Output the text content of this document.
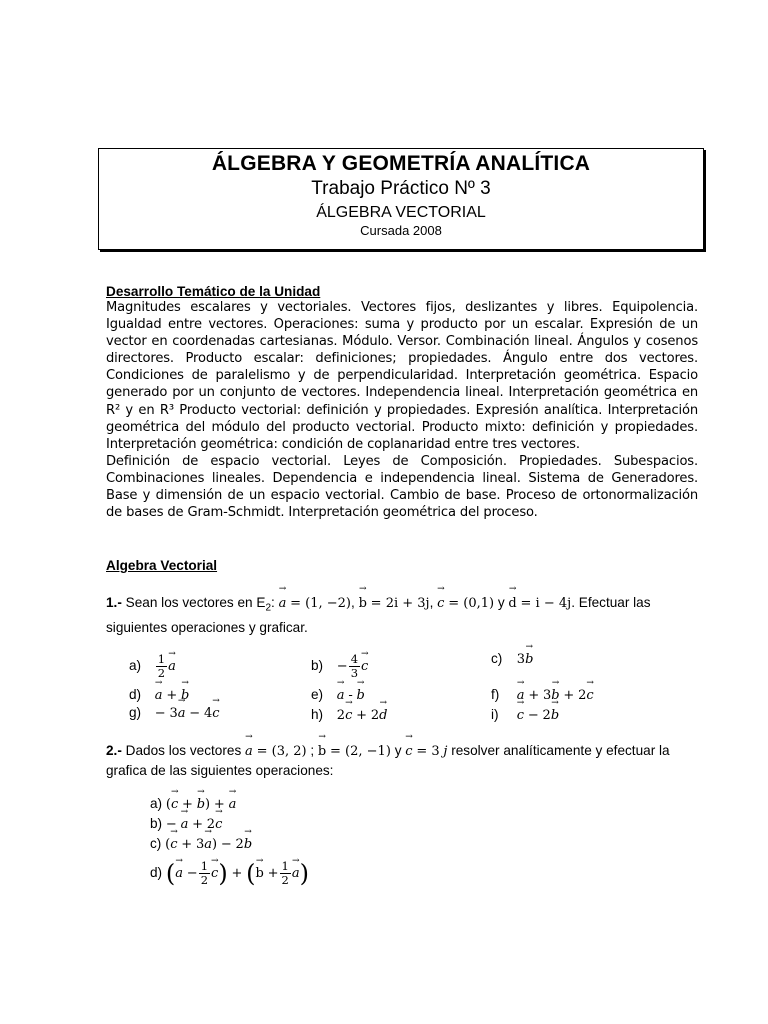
ÁLGEBRA Y GEOMETRÍA ANALÍTICA
Trabajo Práctico Nº 3
ÁLGEBRA VECTORIAL
Cursada 2008
Desarrollo Temático de la Unidad

Magnitudes escalares y vectoriales. Vectores fijos, deslizantes y libres. Equipolencia. Igualdad entre vectores. Operaciones: suma y producto por un escalar. Expresión de un vector en coordenadas cartesianas. Módulo. Versor. Combinación lineal. Ángulos y cosenos directores. Producto escalar: definiciones; propiedades. Ángulo entre dos vectores. Condiciones de paralelismo y de perpendicularidad. Interpretación geométrica. Espacio generado por un conjunto de vectores. Independencia lineal. Interpretación geométrica en R² y en R³ Producto vectorial: definición y propiedades. Expresión analítica. Interpretación geométrica del módulo del producto vectorial. Producto mixto: definición y propiedades. Interpretación geométrica: condición de coplanaridad entre tres vectores.

Definición de espacio vectorial. Leyes de Composición. Propiedades. Subespacios. Combinaciones lineales. Dependencia e independencia lineal. Sistema de Generadores. Base y dimensión de un espacio vectorial. Cambio de base. Proceso de ortonormalización de bases de Gram-Schmidt. Interpretación geométrica del proceso.

Algebra Vectorial
1.- Sean los vectores en $E_2$: → a = (1, −2), → b = 2i + 3j, → c = (0,1) y → d = i − 4j. Efectuar las siguientes operaciones y graficar.
$a) \frac{1}{2}$
→ a	$b) - \frac{4}{3}$
→ c
c) 3→ b
d) → a + → b	e) → a - → b	f) → a + 3→ b + 2→ c
g) − 3→ a − 4→ c	h) 2→ c + 2→ d	i) → c − 2→ b
2.- Dados los vectores → a = (3, 2) ; → b = (2, −1) y → c = 3 j resolver analíticamente y efectuar la grafica de las siguientes operaciones:
a) (→ c + → b) + → a
b) − → a + 2→ c
c) (→ c + 3→ a) − 2→ b
d) (→ $a - \frac{1}{2}$
→ c) + (→ $b + \frac{1}{2}$
→ a)
